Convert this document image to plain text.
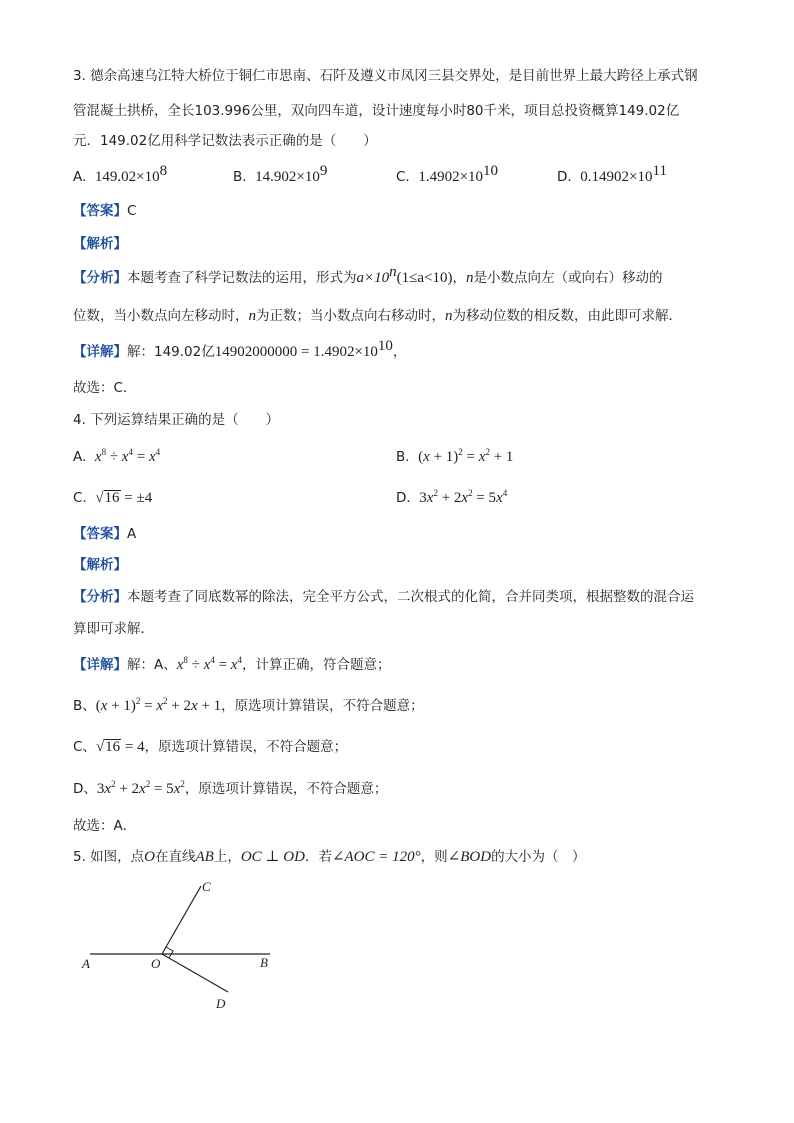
3. 德余高速乌江特大桥位于铜仁市思南、石阡及遵义市凤冈三县交界处，是目前世界上最大跨径上承式钢
管混凝土拱桥，全长103.996公里，双向四车道，设计速度每小时80千米，项目总投资概算149.02亿
元．149.02亿用科学记数法表示正确的是（　　）
A. $149.02\times 10^8$	B. $14.902\times 10^9$	C. $1.4902\times 10^{10}$	D. $0.14902\times 10^{11}$
【答案】C
【解析】
【分析】本题考查了科学记数法的运用，形式为$a\times 10^n(1\le a<10)$，n是小数点向左（或向右）移动的
位数，当小数点向左移动时，n为正数；当小数点向右移动时，n为移动位数的相反数，由此即可求解．
【详解】解：149.02亿$14902000000 = 1.4902\times 10^{10}$，
故选：C．
4. 下列运算结果正确的是（　　）
A. $x^8 \div x^4 = x^4$	B. $(x + 1)^2 = x^2 + 1$
C. √16 = ±4	D. $3x^2 + 2x^2 = 5x^4$
【答案】A
【解析】
【分析】本题考查了同底数幂的除法，完全平方公式，二次根式的化简，合并同类项，根据整数的混合运
算即可求解．
【详解】解：A、$x^8 \div x^4 = x^4$，计算正确，符合题意；
B、$(x + 1)^2 = x^2 + 2x + 1$，原选项计算错误，不符合题意；
C、√16 = 4，原选项计算错误，不符合题意；
D、$3x^2 + 2x^2 = 5x^2$，原选项计算错误，不符合题意；
故选：A．
5. 如图，点O在直线AB上，OC ⊥ OD．若∠AOC = 120°，则∠BOD的大小为（　）
A	O	B
C
D
